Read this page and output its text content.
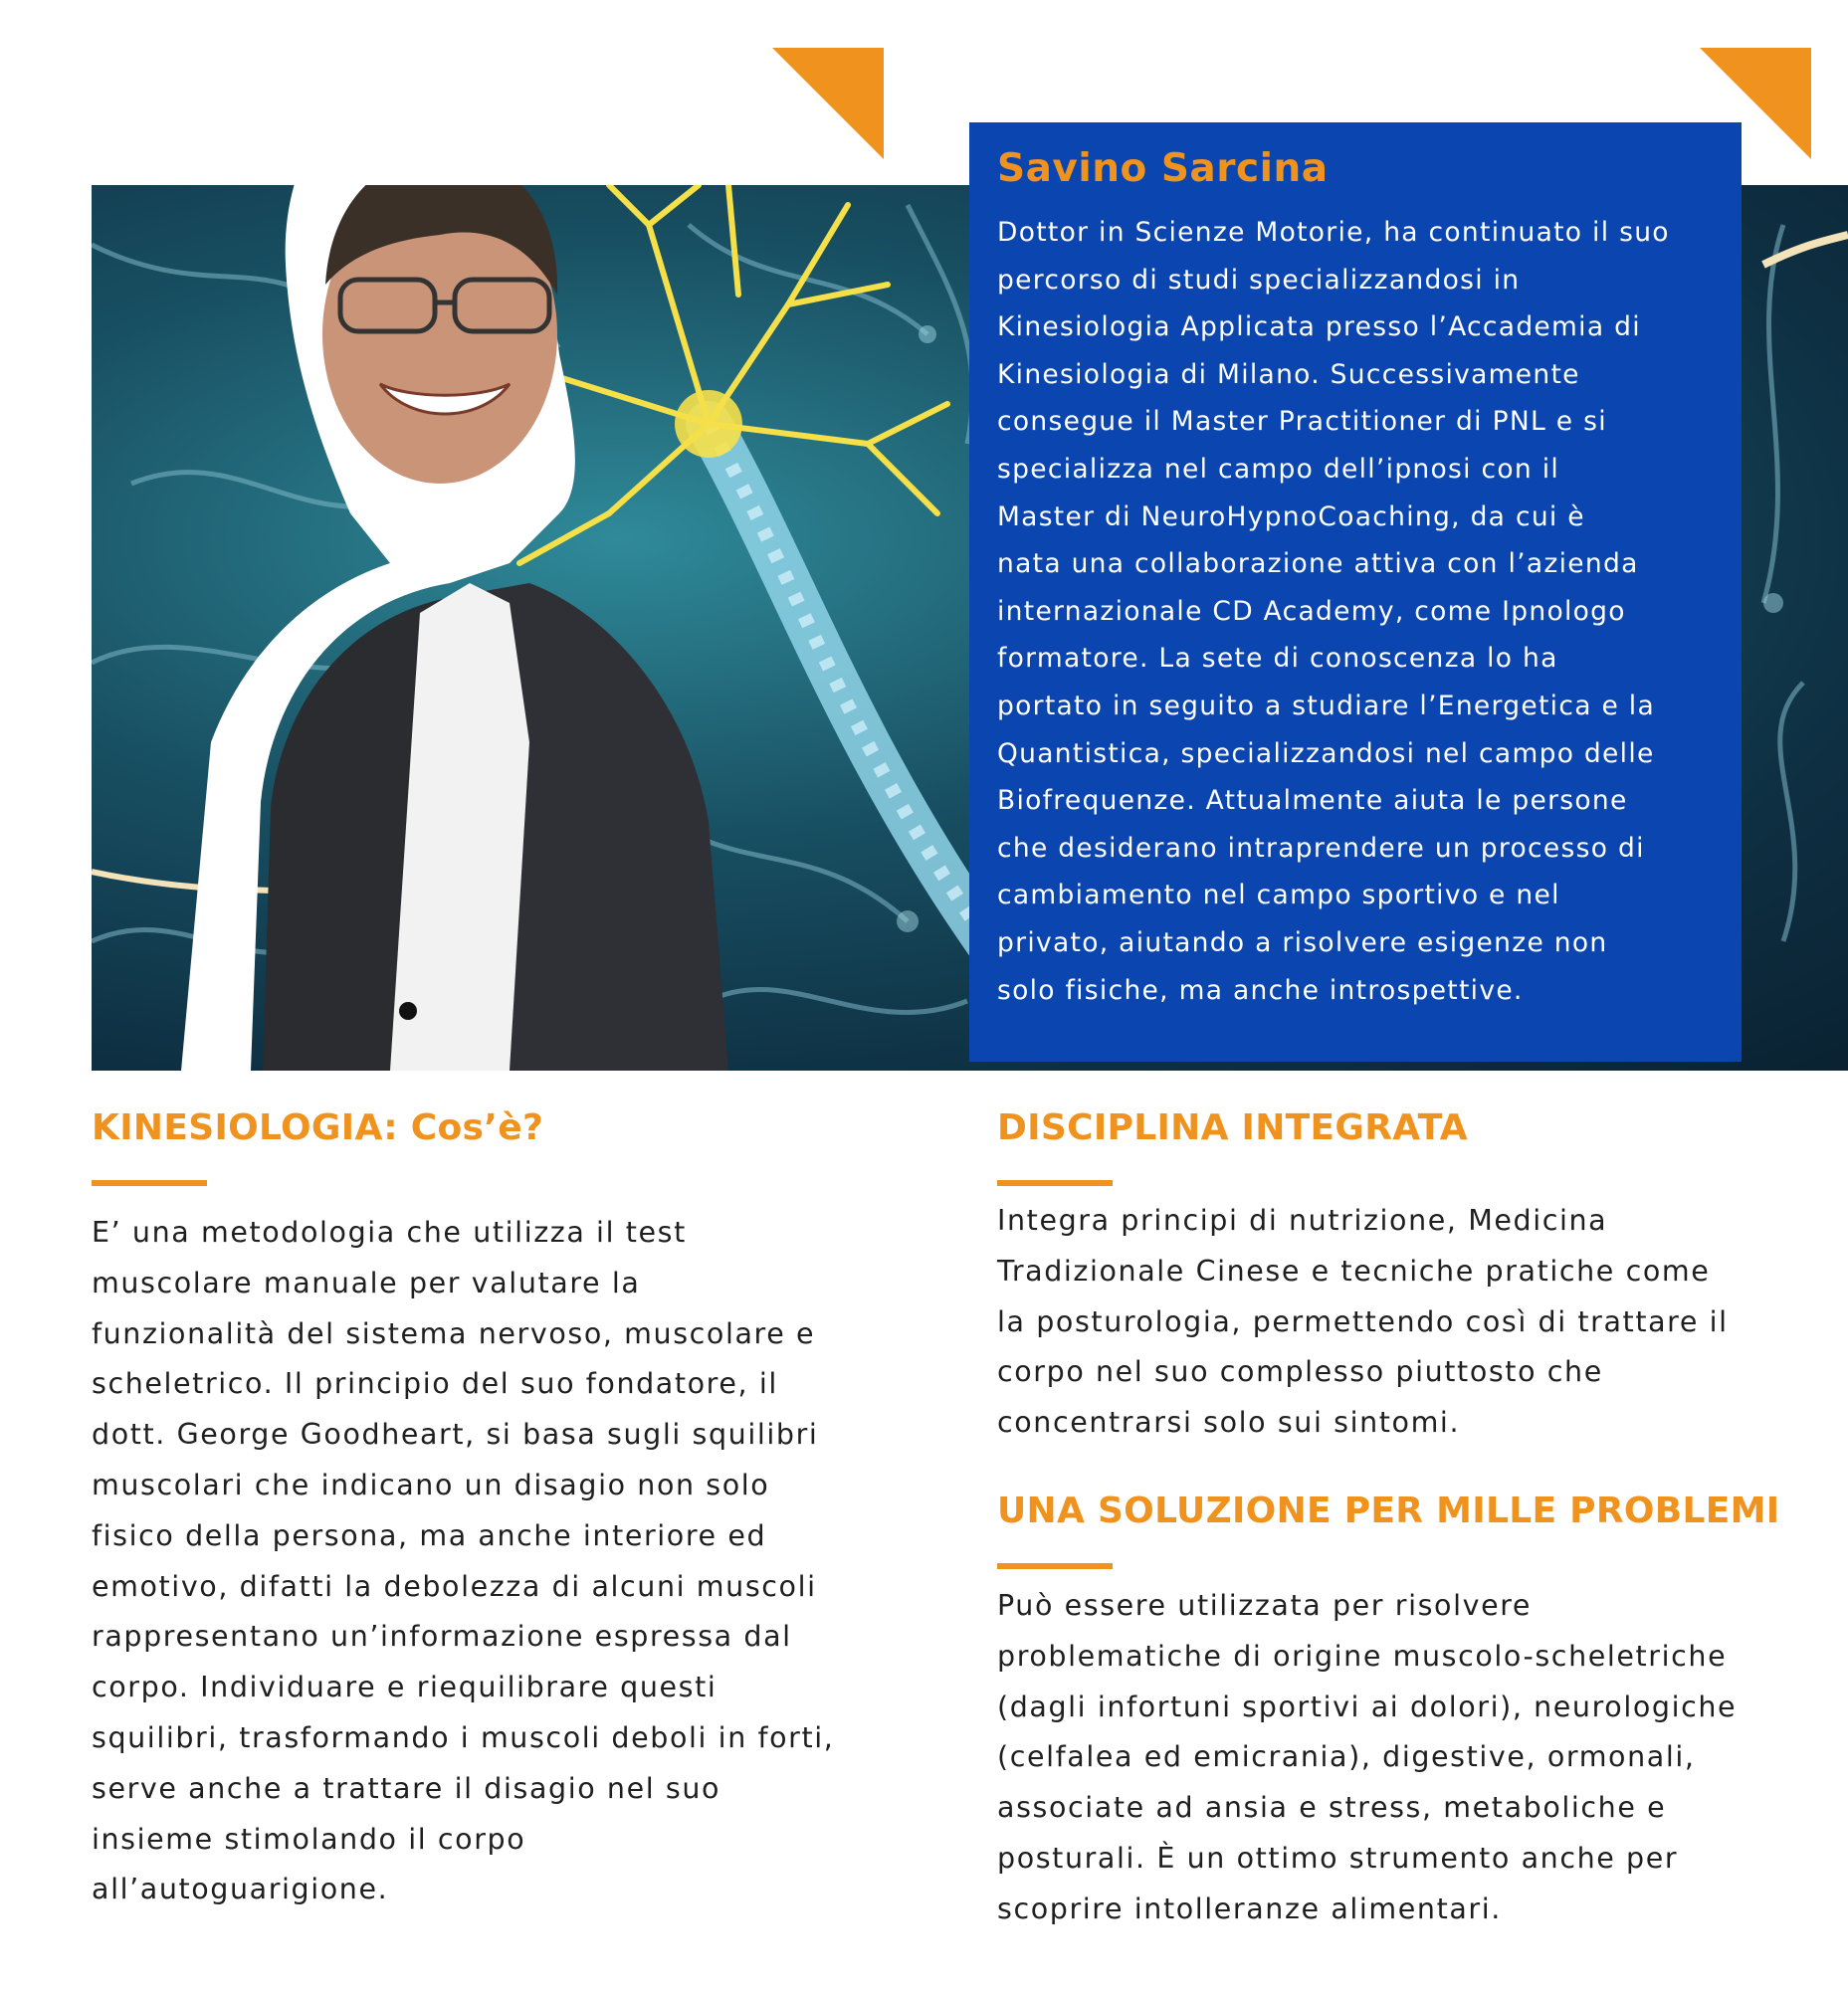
Savino Sarcina

Dottor in Scienze Motorie, ha continuato il suo
percorso di studi specializzandosi in
Kinesiologia Applicata presso l’Accademia di
Kinesiologia di Milano. Successivamente
consegue il Master Practitioner di PNL e si
specializza nel campo dell’ipnosi con il
Master di NeuroHypnoCoaching, da cui è
nata una collaborazione attiva con l’azienda
internazionale CD Academy, come Ipnologo
formatore. La sete di conoscenza lo ha
portato in seguito a studiare l’Energetica e la
Quantistica, specializzandosi nel campo delle
Biofrequenze. Attualmente aiuta le persone
che desiderano intraprendere un processo di
cambiamento nel campo sportivo e nel
privato, aiutando a risolvere esigenze non
solo fisiche, ma anche introspettive.

KINESIOLOGIA: Cos’è?

E’ una metodologia che utilizza il test
muscolare manuale per valutare la
funzionalità del sistema nervoso, muscolare e
scheletrico. Il principio del suo fondatore, il
dott. George Goodheart, si basa sugli squilibri
muscolari che indicano un disagio non solo
fisico della persona, ma anche interiore ed
emotivo, difatti la debolezza di alcuni muscoli
rappresentano un’informazione espressa dal
corpo. Individuare e riequilibrare questi
squilibri, trasformando i muscoli deboli in forti,
serve anche a trattare il disagio nel suo
insieme stimolando il corpo
all’autoguarigione.

DISCIPLINA INTEGRATA

Integra principi di nutrizione, Medicina
Tradizionale Cinese e tecniche pratiche come
la posturologia, permettendo così di trattare il
corpo nel suo complesso piuttosto che
concentrarsi solo sui sintomi.

UNA SOLUZIONE PER MILLE PROBLEMI

Può essere utilizzata per risolvere
problematiche di origine muscolo-scheletriche
(dagli infortuni sportivi ai dolori), neurologiche
(celfalea ed emicrania), digestive, ormonali,
associate ad ansia e stress, metaboliche e
posturali. È un ottimo strumento anche per
scoprire intolleranze alimentari.
